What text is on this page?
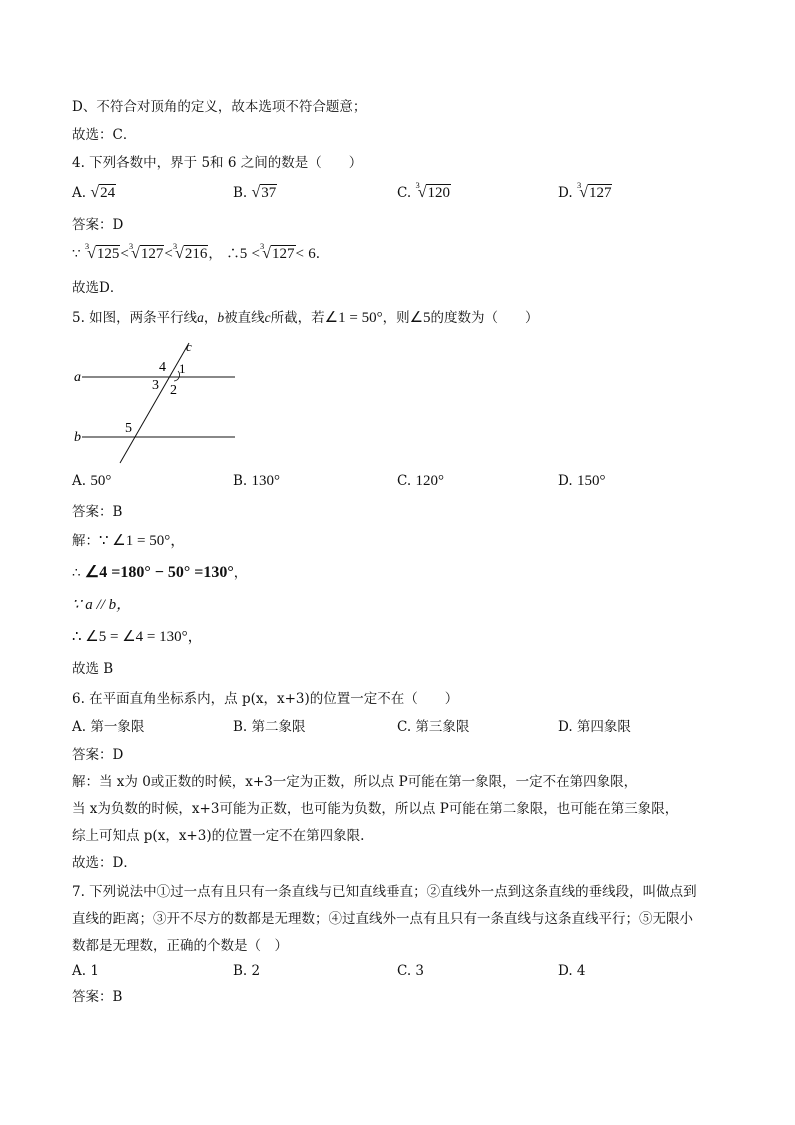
D、不符合对顶角的定义，故本选项不符合题意；
故选：C．
4. 下列各数中，界于 5和 6 之间的数是（　　）
A. √24	B. √37	C. $^3$√120	D. $^3$√127
答案：D
∵ $^3$√125<$^3$√127<$^3$√216， ∴5 <$^3$√127< 6.
故选D．
5. 如图，两条平行线a，b被直线c所截，若∠1 = 50°，则∠5的度数为（　　）
a
b
c
4 1
3 2
5
A. 50°	B. 130°	C. 120°	D. 150°
答案：B
解：∵ ∠1 = 50°，
∴ ∠4 =180° − 50° =130°，
∵ a // b，
∴ ∠5 = ∠4 = 130°，
故选 B
6. 在平面直角坐标系内，点 p(x，x+3)的位置一定不在（　　）
A. 第一象限	B. 第二象限	C. 第三象限	D. 第四象限
答案：D
解：当 x为 0或正数的时候，x+3一定为正数，所以点 P可能在第一象限，一定不在第四象限，
当 x为负数的时候，x+3可能为正数，也可能为负数，所以点 P可能在第二象限，也可能在第三象限，
综上可知点 p(x，x+3)的位置一定不在第四象限.
故选：D．
7. 下列说法中①过一点有且只有一条直线与已知直线垂直；②直线外一点到这条直线的垂线段，叫做点到
直线的距离；③开不尽方的数都是无理数；④过直线外一点有且只有一条直线与这条直线平行；⑤无限小
数都是无理数，正确的个数是（　）
A. 1	B. 2	C. 3	D. 4
答案：B
